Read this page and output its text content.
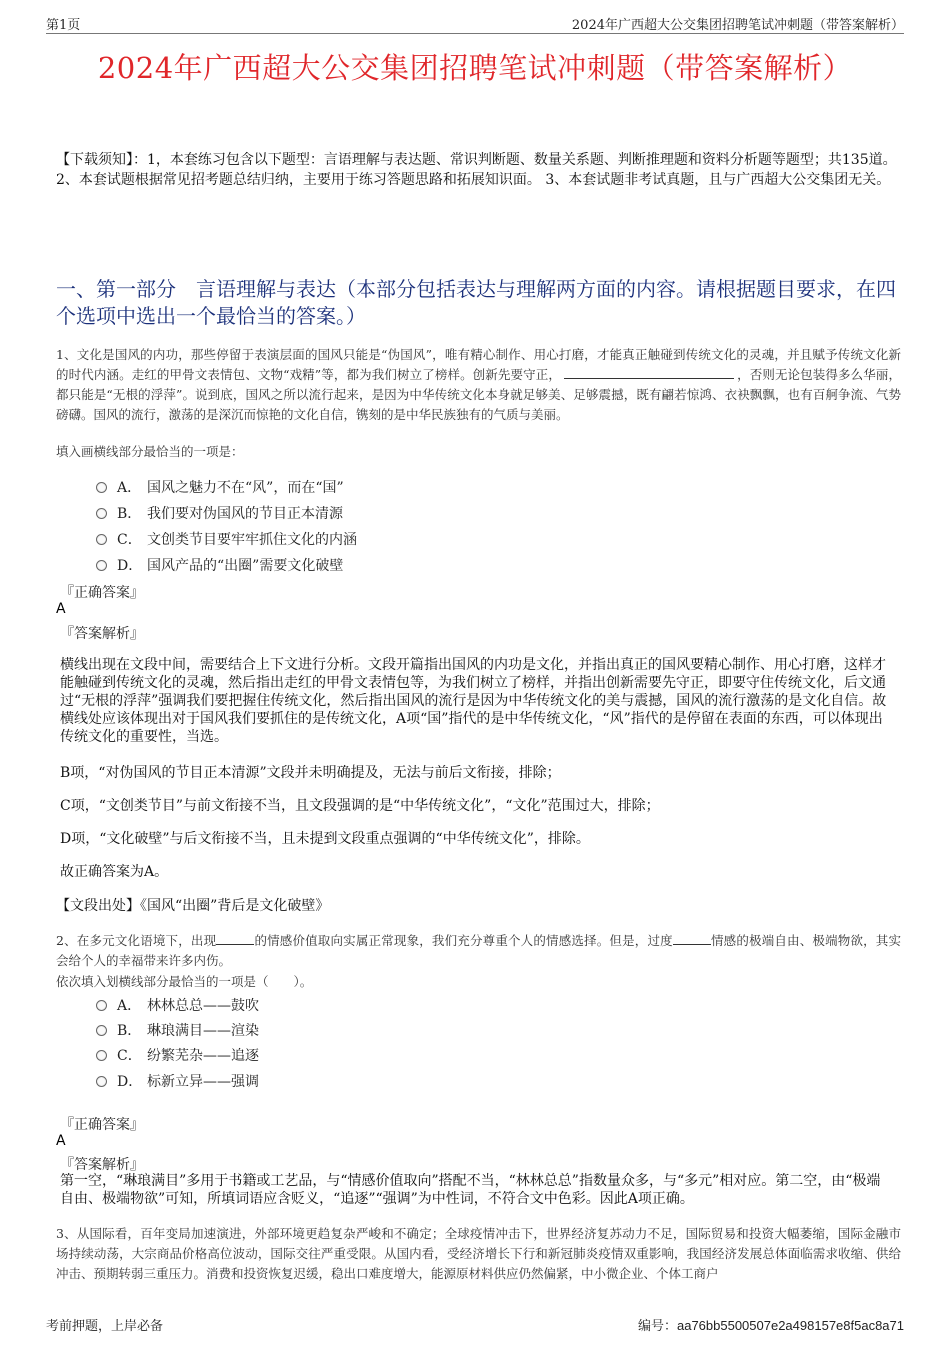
第1页	2024年广西超大公交集团招聘笔试冲刺题（带答案解析）
2024年广西超大公交集团招聘笔试冲刺题（带答案解析）
【下载须知】：1，本套练习包含以下题型：言语理解与表达题、常识判断题、数量关系题、判断推理题和资料分析题等题型；共135道。 2、本套试题根据常见招考题总结归纳，主要用于练习答题思路和拓展知识面。 3、本套试题非考试真题，且与广西超大公交集团无关。
一、第一部分　言语理解与表达（本部分包括表达与理解两方面的内容。请根据题目要求，在四个选项中选出一个最恰当的答案。）
1、文化是国风的内功，那些停留于表演层面的国风只能是“伪国风”，唯有精心制作、用心打磨，才能真正触碰到传统文化的灵魂，并且赋予传统文化新的时代内涵。走红的甲骨文表情包、文物“戏精”等，都为我们树立了榜样。创新先要守正，	，否则无论包装得多么华丽，都只能是“无根的浮萍”。说到底，国风之所以流行起来，是因为中华传统文化本身就足够美、足够震撼，既有翩若惊鸿、衣袂飘飘，也有百舸争流、气势磅礴。国风的流行，激荡的是深沉而惊艳的文化自信，镌刻的是中华民族独有的气质与美丽。
填入画横线部分最恰当的一项是：
A． 国风之魅力不在“风”，而在“国”
B． 我们要对伪国风的节目正本清源
C． 文创类节目要牢牢抓住文化的内涵
D． 国风产品的“出圈”需要文化破壁
『正确答案』
A
『答案解析』
横线出现在文段中间，需要结合上下文进行分析。文段开篇指出国风的内功是文化，并指出真正的国风要精心制作、用心打磨，这样才能触碰到传统文化的灵魂，然后指出走红的甲骨文表情包等，为我们树立了榜样，并指出创新需要先守正，即要守住传统文化，后文通过“无根的浮萍”强调我们要把握住传统文化，然后指出国风的流行是因为中华传统文化的美与震撼，国风的流行激荡的是文化自信。故横线处应该体现出对于国风我们要抓住的是传统文化，A项“国”指代的是中华传统文化，“风”指代的是停留在表面的东西，可以体现出传统文化的重要性，当选。
B项，“对伪国风的节目正本清源”文段并未明确提及，无法与前后文衔接，排除；
C项，“文创类节目”与前文衔接不当，且文段强调的是“中华传统文化”，“文化”范围过大，排除；
D项，“文化破壁”与后文衔接不当，且未提到文段重点强调的“中华传统文化”，排除。
故正确答案为A。
【文段出处】《国风“出圈”背后是文化破壁》
2、在多元文化语境下，出现	的情感价值取向实属正常现象，我们充分尊重个人的情感选择。但是，过度	情感的极端自由、极端物欲，其实会给个人的幸福带来许多内伤。
依次填入划横线部分最恰当的一项是（　　）。
A． 林林总总——鼓吹
B． 琳琅满目——渲染
C． 纷繁芜杂——追逐
D． 标新立异——强调
『正确答案』
A
『答案解析』
第一空，“琳琅满目”多用于书籍或工艺品，与“情感价值取向”搭配不当，“林林总总”指数量众多，与“多元”相对应。第二空，由“极端自由、极端物欲”可知，所填词语应含贬义，“追逐”“强调”为中性词，不符合文中色彩。因此A项正确。
3、从国际看，百年变局加速演进，外部环境更趋复杂严峻和不确定；全球疫情冲击下，世界经济复苏动力不足，国际贸易和投资大幅萎缩，国际金融市场持续动荡，大宗商品价格高位波动，国际交往严重受限。从国内看，受经济增长下行和新冠肺炎疫情双重影响，我国经济发展总体面临需求收缩、供给冲击、预期转弱三重压力。消费和投资恢复迟缓，稳出口难度增大，能源原材料供应仍然偏紧，中小微企业、个体工商户
考前押题，上岸必备	编号：aa76bb5500507e2a498157e8f5ac8a71
